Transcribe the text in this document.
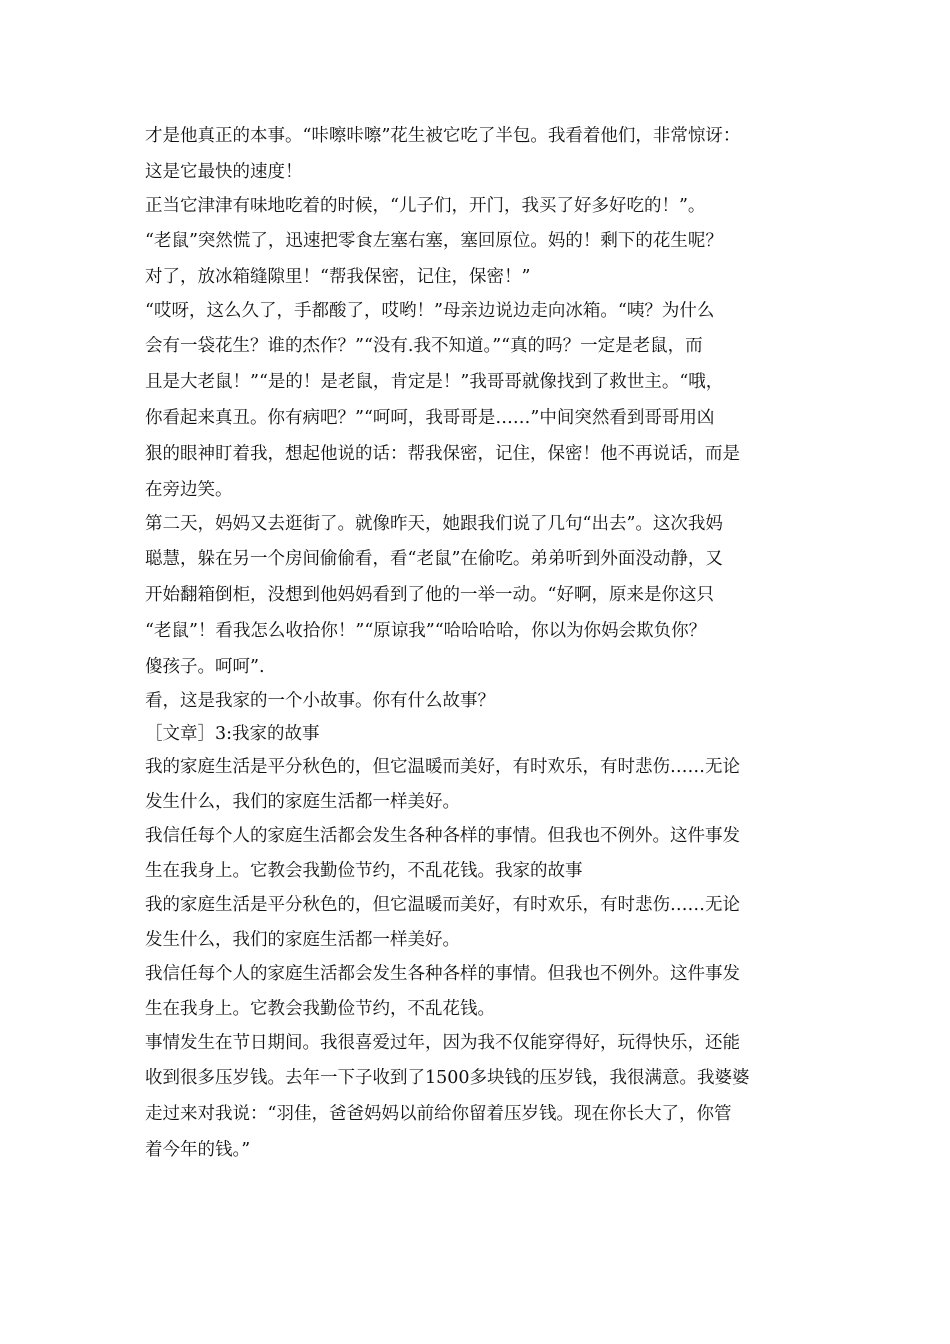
才是他真正的本事。“咔嚓咔嚓”花生被它吃了半包。我看着他们，非常惊讶：
这是它最快的速度！
正当它津津有味地吃着的时候，“儿子们，开门，我买了好多好吃的！”。
“老鼠”突然慌了，迅速把零食左塞右塞，塞回原位。妈的！剩下的花生呢？
对了，放冰箱缝隙里！“帮我保密，记住，保密！”
“哎呀，这么久了，手都酸了，哎哟！”母亲边说边走向冰箱。“咦？为什么
会有一袋花生？谁的杰作？”“没有.我不知道。”“真的吗？一定是老鼠，而
且是大老鼠！”“是的！是老鼠，肯定是！”我哥哥就像找到了救世主。“哦，
你看起来真丑。你有病吧？”“呵呵，我哥哥是……”中间突然看到哥哥用凶
狠的眼神盯着我，想起他说的话：帮我保密，记住，保密！他不再说话，而是
在旁边笑。
第二天，妈妈又去逛街了。就像昨天，她跟我们说了几句“出去”。这次我妈
聪慧，躲在另一个房间偷偷看，看“老鼠”在偷吃。弟弟听到外面没动静，又
开始翻箱倒柜，没想到他妈妈看到了他的一举一动。“好啊，原来是你这只
“老鼠”！看我怎么收拾你！”“原谅我”“哈哈哈哈，你以为你妈会欺负你？
傻孩子。呵呵”.
看，这是我家的一个小故事。你有什么故事？
［文章］3:我家的故事
我的家庭生活是平分秋色的，但它温暖而美好，有时欢乐，有时悲伤……无论
发生什么，我们的家庭生活都一样美好。
我信任每个人的家庭生活都会发生各种各样的事情。但我也不例外。这件事发
生在我身上。它教会我勤俭节约，不乱花钱。我家的故事
我的家庭生活是平分秋色的，但它温暖而美好，有时欢乐，有时悲伤……无论
发生什么，我们的家庭生活都一样美好。
我信任每个人的家庭生活都会发生各种各样的事情。但我也不例外。这件事发
生在我身上。它教会我勤俭节约，不乱花钱。
事情发生在节日期间。我很喜爱过年，因为我不仅能穿得好，玩得快乐，还能
收到很多压岁钱。去年一下子收到了1500多块钱的压岁钱，我很满意。我婆婆
走过来对我说：“羽佳，爸爸妈妈以前给你留着压岁钱。现在你长大了，你管
着今年的钱。”
